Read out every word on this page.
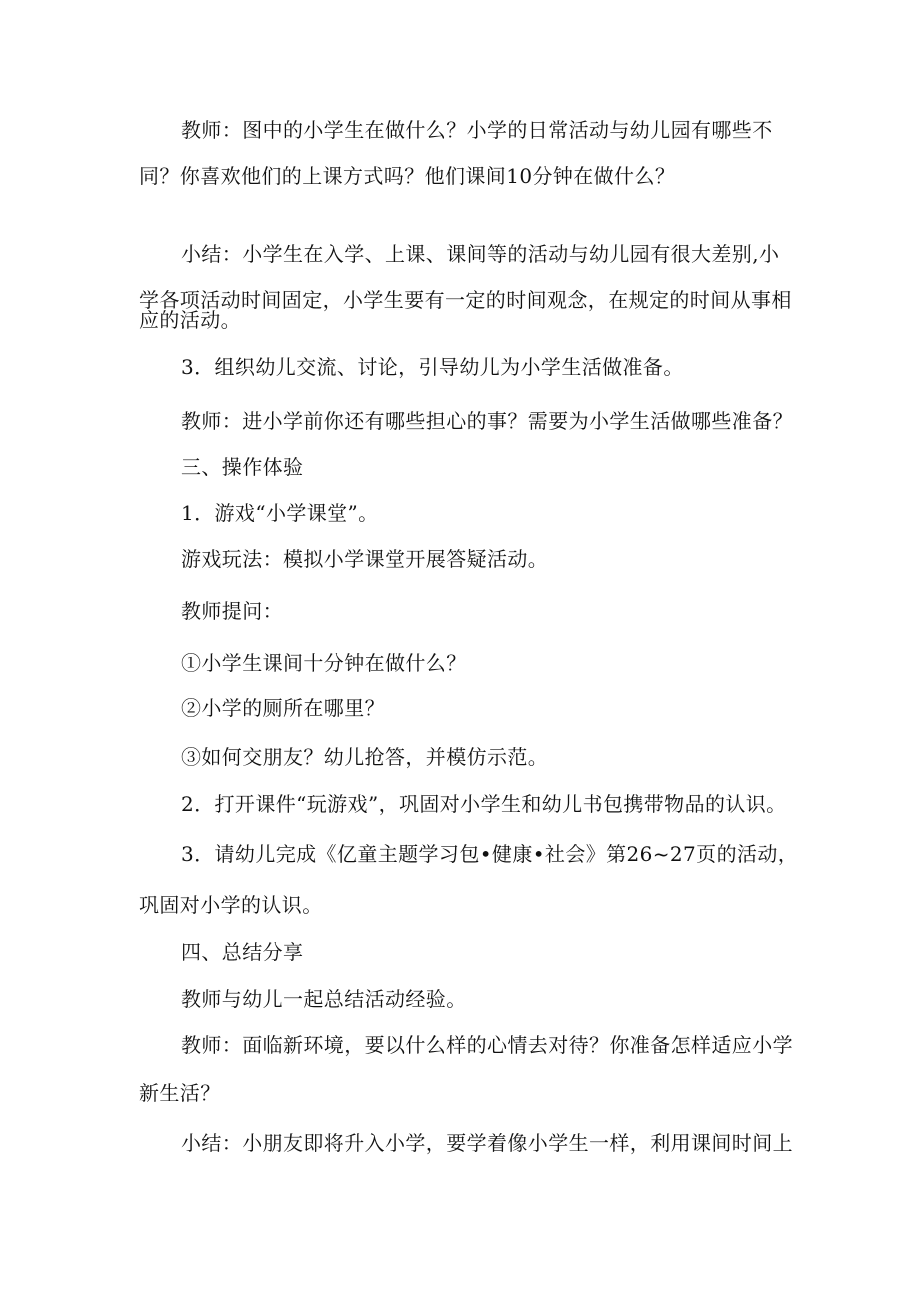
教师：图中的小学生在做什么？小学的日常活动与幼儿园有哪些不
同？你喜欢他们的上课方式吗？他们课间10分钟在做什么？
小结：小学生在入学、上课、课间等的活动与幼儿园有很大差别,小
学各项活动时间固定，小学生要有一定的时间观念，在规定的时间从事相
应的活动。
3．组织幼儿交流、讨论，引导幼儿为小学生活做准备。
教师：进小学前你还有哪些担心的事？需要为小学生活做哪些准备？
三、操作体验
1．游戏“小学课堂”。
游戏玩法：模拟小学课堂开展答疑活动。
教师提问：
①小学生课间十分钟在做什么？
②小学的厕所在哪里？
③如何交朋友？幼儿抢答，并模仿示范。
2．打开课件“玩游戏”，巩固对小学生和幼儿书包携带物品的认识。
3．请幼儿完成《亿童主题学习包•健康•社会》第26~27页的活动，
巩固对小学的认识。
四、总结分享
教师与幼儿一起总结活动经验。
教师：面临新环境，要以什么样的心情去对待？你准备怎样适应小学
新生活？
小结：小朋友即将升入小学，要学着像小学生一样，利用课间时间上
